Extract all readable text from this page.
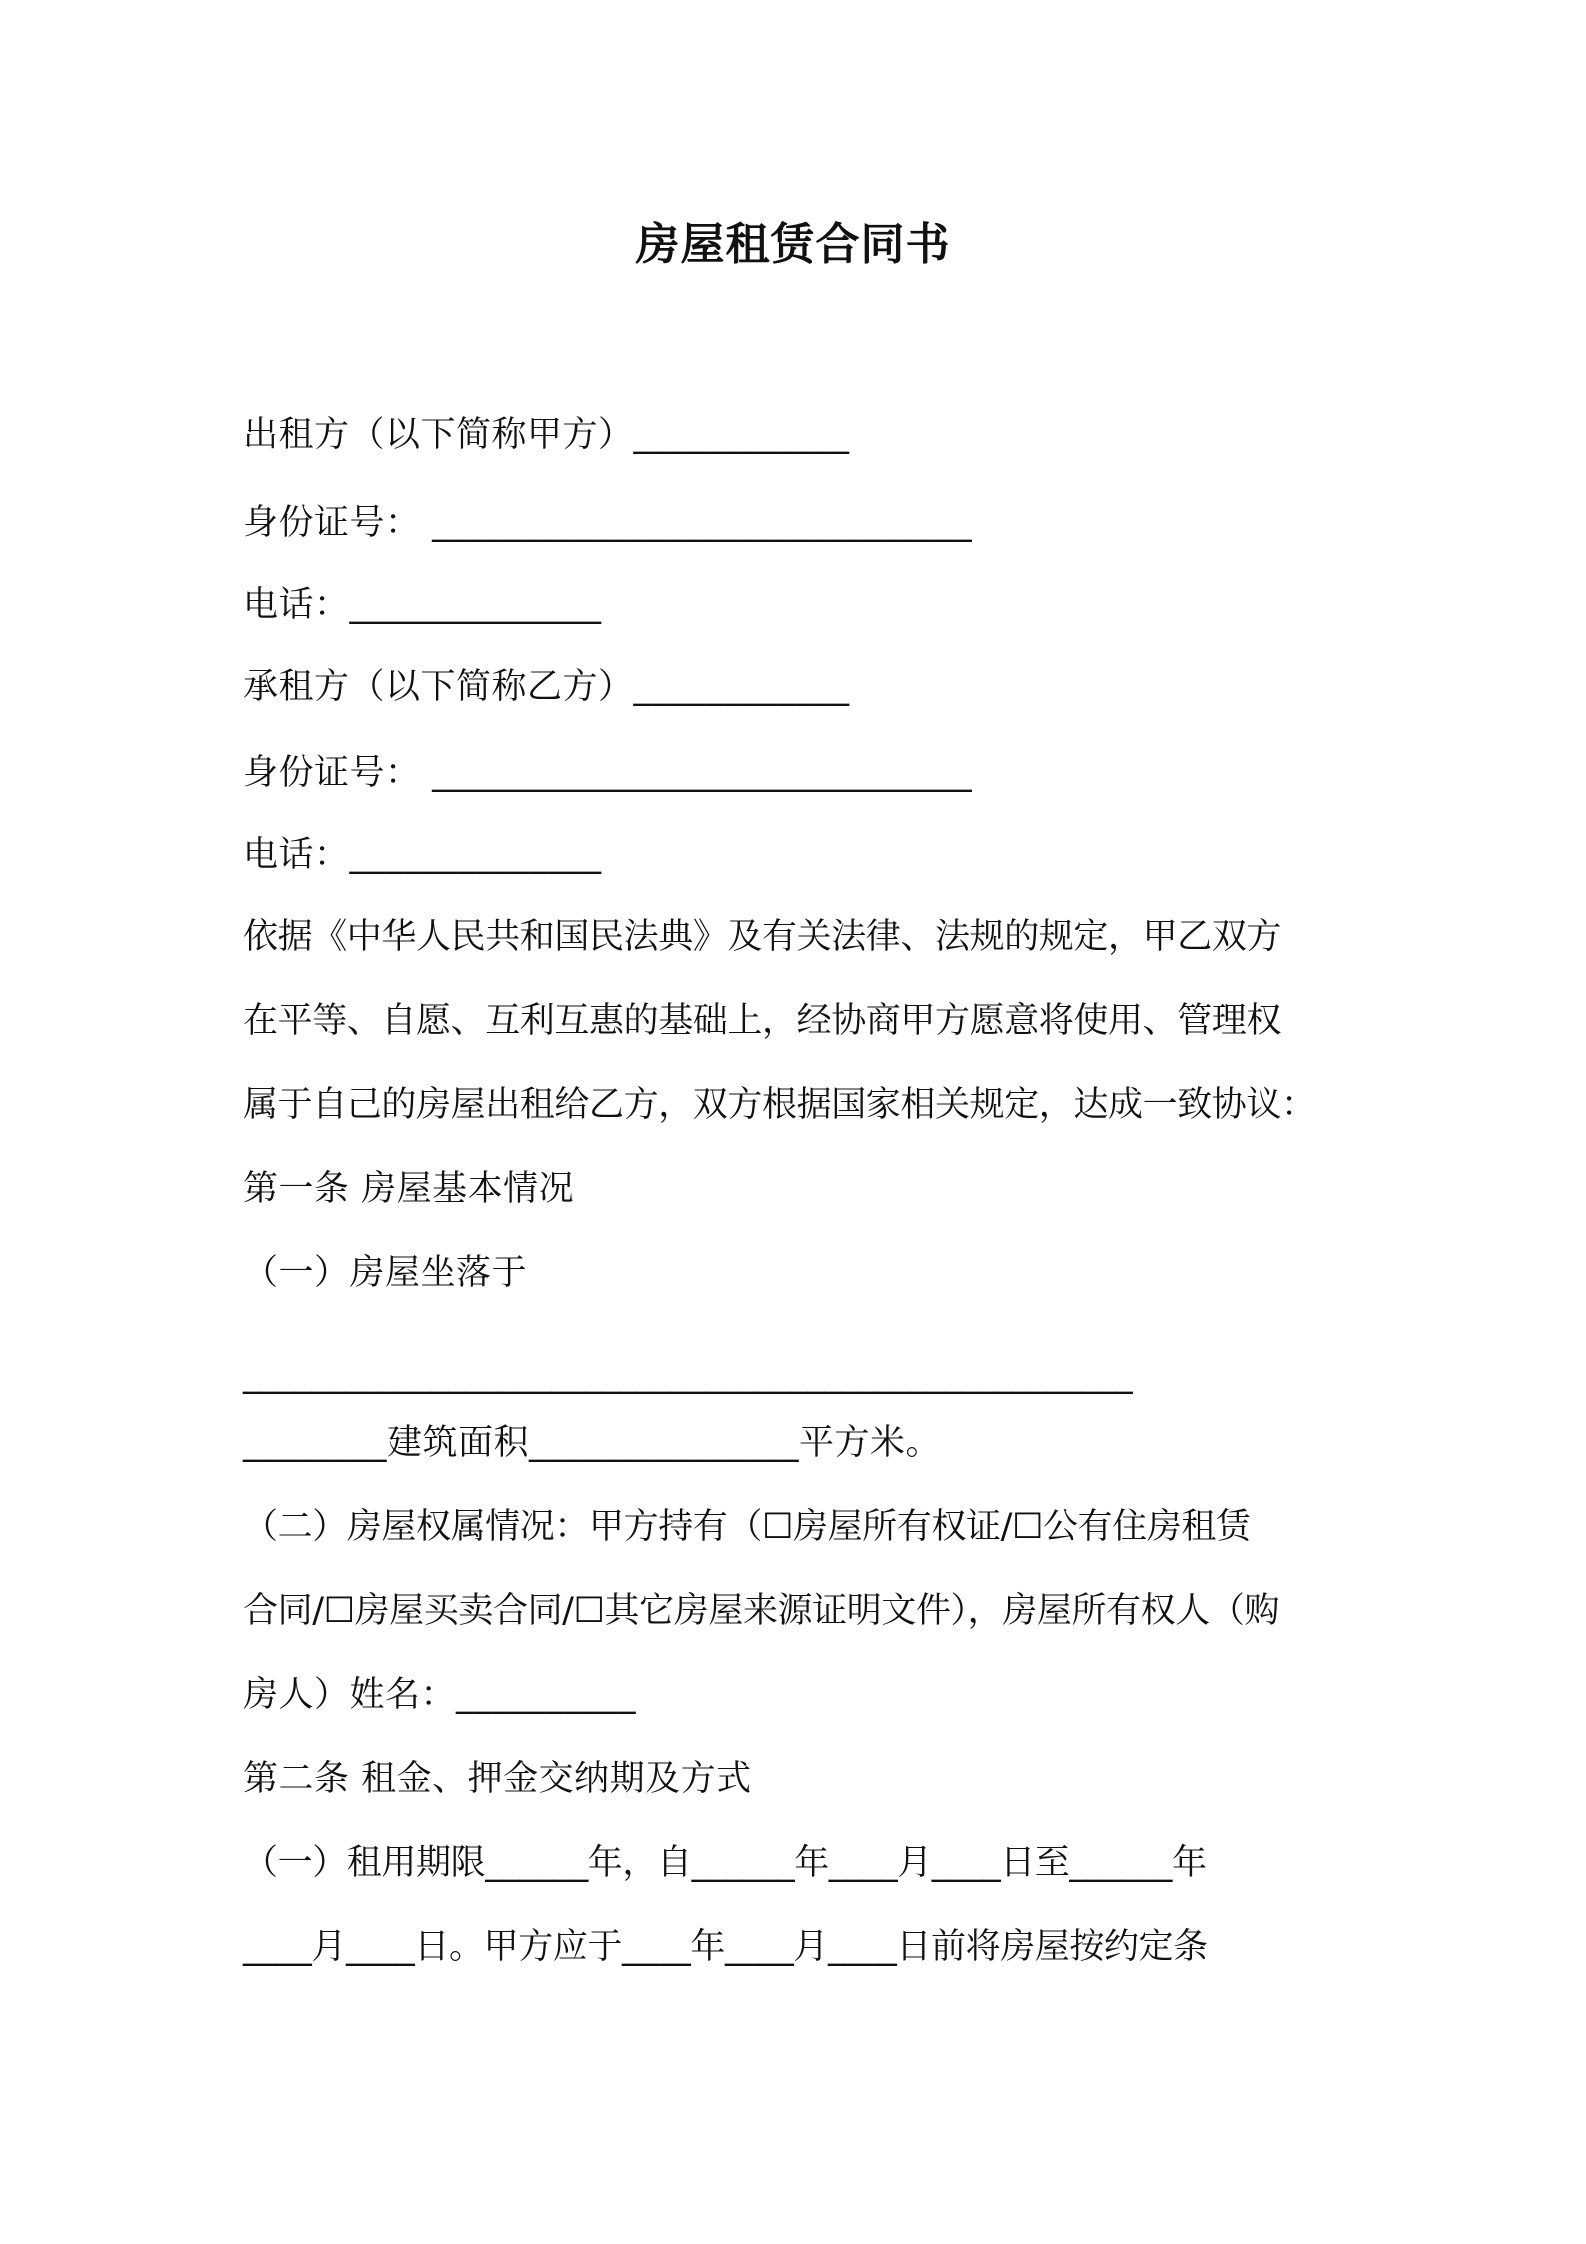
房屋租赁合同书
出租方（以下简称甲方）____________
身份证号： ______________________________
电话：______________
承租方（以下简称乙方）____________
身份证号： ______________________________
电话：______________
依据《中华人民共和国民法典》及有关法律、法规的规定，甲乙双方
在平等、自愿、互利互惠的基础上，经协商甲方愿意将使用、管理权
属于自己的房屋出租给乙方，双方根据国家相关规定，达成一致协议：
第一条 房屋基本情况
（一）房屋坐落于
____________________________________________________
________建筑面积_______________平方米。
（二）房屋权属情况：甲方持有（☐房屋所有权证/☐公有住房租赁
合同/☐房屋买卖合同/☐其它房屋来源证明文件），房屋所有权人（购
房人）姓名：__________
第二条 租金、押金交纳期及方式
（一）租用期限______年，自______年____月____日至______年
____月____日。甲方应于____年____月____日前将房屋按约定条
